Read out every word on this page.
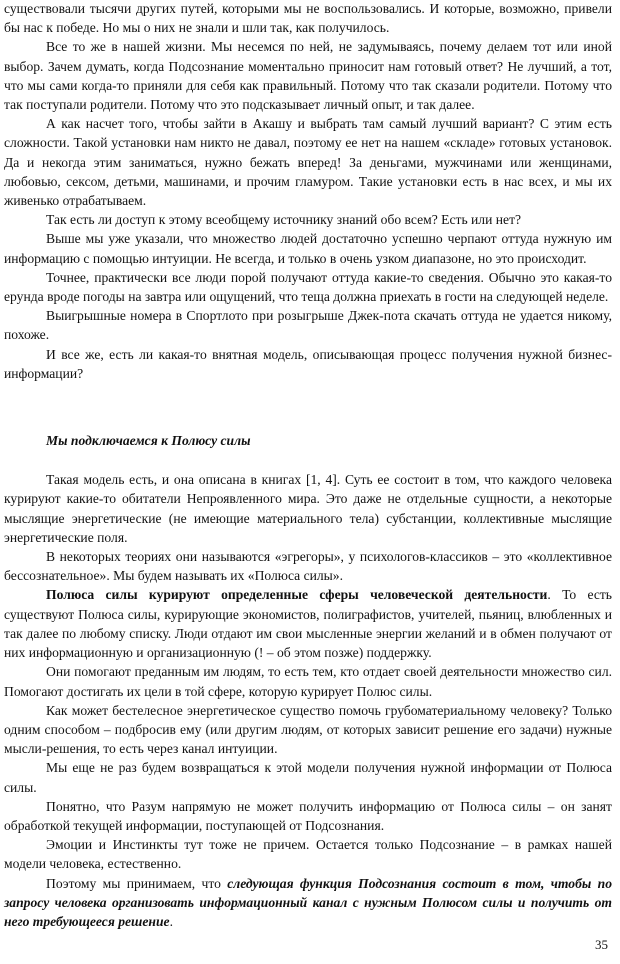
существовали тысячи других путей, которыми мы не воспользовались. И которые, возможно, привели бы нас к победе. Но мы о них не знали и шли так, как получилось.

Все то же в нашей жизни. Мы несемся по ней, не задумываясь, почему делаем тот или иной выбор. Зачем думать, когда Подсознание моментально приносит нам готовый ответ? Не лучший, а тот, что мы сами когда-то приняли для себя как правильный. Потому что так сказали родители. Потому что так поступали родители. Потому что это подсказывает личный опыт, и так далее.

А как насчет того, чтобы зайти в Акашу и выбрать там самый лучший вариант? С этим есть сложности. Такой установки нам никто не давал, поэтому ее нет на нашем «складе» готовых установок. Да и некогда этим заниматься, нужно бежать вперед! За деньгами, мужчинами или женщинами, любовью, сексом, детьми, машинами, и прочим гламуром. Такие установки есть в нас всех, и мы их живенько отрабатываем.

Так есть ли доступ к этому всеобщему источнику знаний обо всем? Есть или нет?

Выше мы уже указали, что множество людей достаточно успешно черпают оттуда нужную им информацию с помощью интуиции. Не всегда, и только в очень узком диапазоне, но это происходит.

Точнее, практически все люди порой получают оттуда какие-то сведения. Обычно это какая-то ерунда вроде погоды на завтра или ощущений, что теща должна приехать в гости на следующей неделе.

Выигрышные номера в Спортлото при розыгрыше Джек-пота скачать оттуда не удается никому, похоже.

И все же, есть ли какая-то внятная модель, описывающая процесс получения нужной бизнес-информации?

Мы подключаемся к Полюсу силы

Такая модель есть, и она описана в книгах [1, 4]. Суть ее состоит в том, что каждого человека курируют какие-то обитатели Непроявленного мира. Это даже не отдельные сущности, а некоторые мыслящие энергетические (не имеющие материального тела) субстанции, коллективные мыслящие энергетические поля.

В некоторых теориях они называются «эгрегоры», у психологов-классиков – это «коллективное бессознательное». Мы будем называть их «Полюса силы».

Полюса силы курируют определенные сферы человеческой деятельности. То есть существуют Полюса силы, курирующие экономистов, полиграфистов, учителей, пьяниц, влюбленных и так далее по любому списку. Люди отдают им свои мысленные энергии желаний и в обмен получают от них информационную и организационную (! – об этом позже) поддержку.

Они помогают преданным им людям, то есть тем, кто отдает своей деятельности множество сил. Помогают достигать их цели в той сфере, которую курирует Полюс силы.

Как может бестелесное энергетическое существо помочь грубоматериальному человеку? Только одним способом – подбросив ему (или другим людям, от которых зависит решение его задачи) нужные мысли-решения, то есть через канал интуиции.

Мы еще не раз будем возвращаться к этой модели получения нужной информации от Полюса силы.

Понятно, что Разум напрямую не может получить информацию от Полюса силы – он занят обработкой текущей информации, поступающей от Подсознания.

Эмоции и Инстинкты тут тоже не причем. Остается только Подсознание – в рамках нашей модели человека, естественно.

Поэтому мы принимаем, что следующая функция Подсознания состоит в том, чтобы по запросу человека организовать информационный канал с нужным Полюсом силы и получить от него требующееся решение.

35
